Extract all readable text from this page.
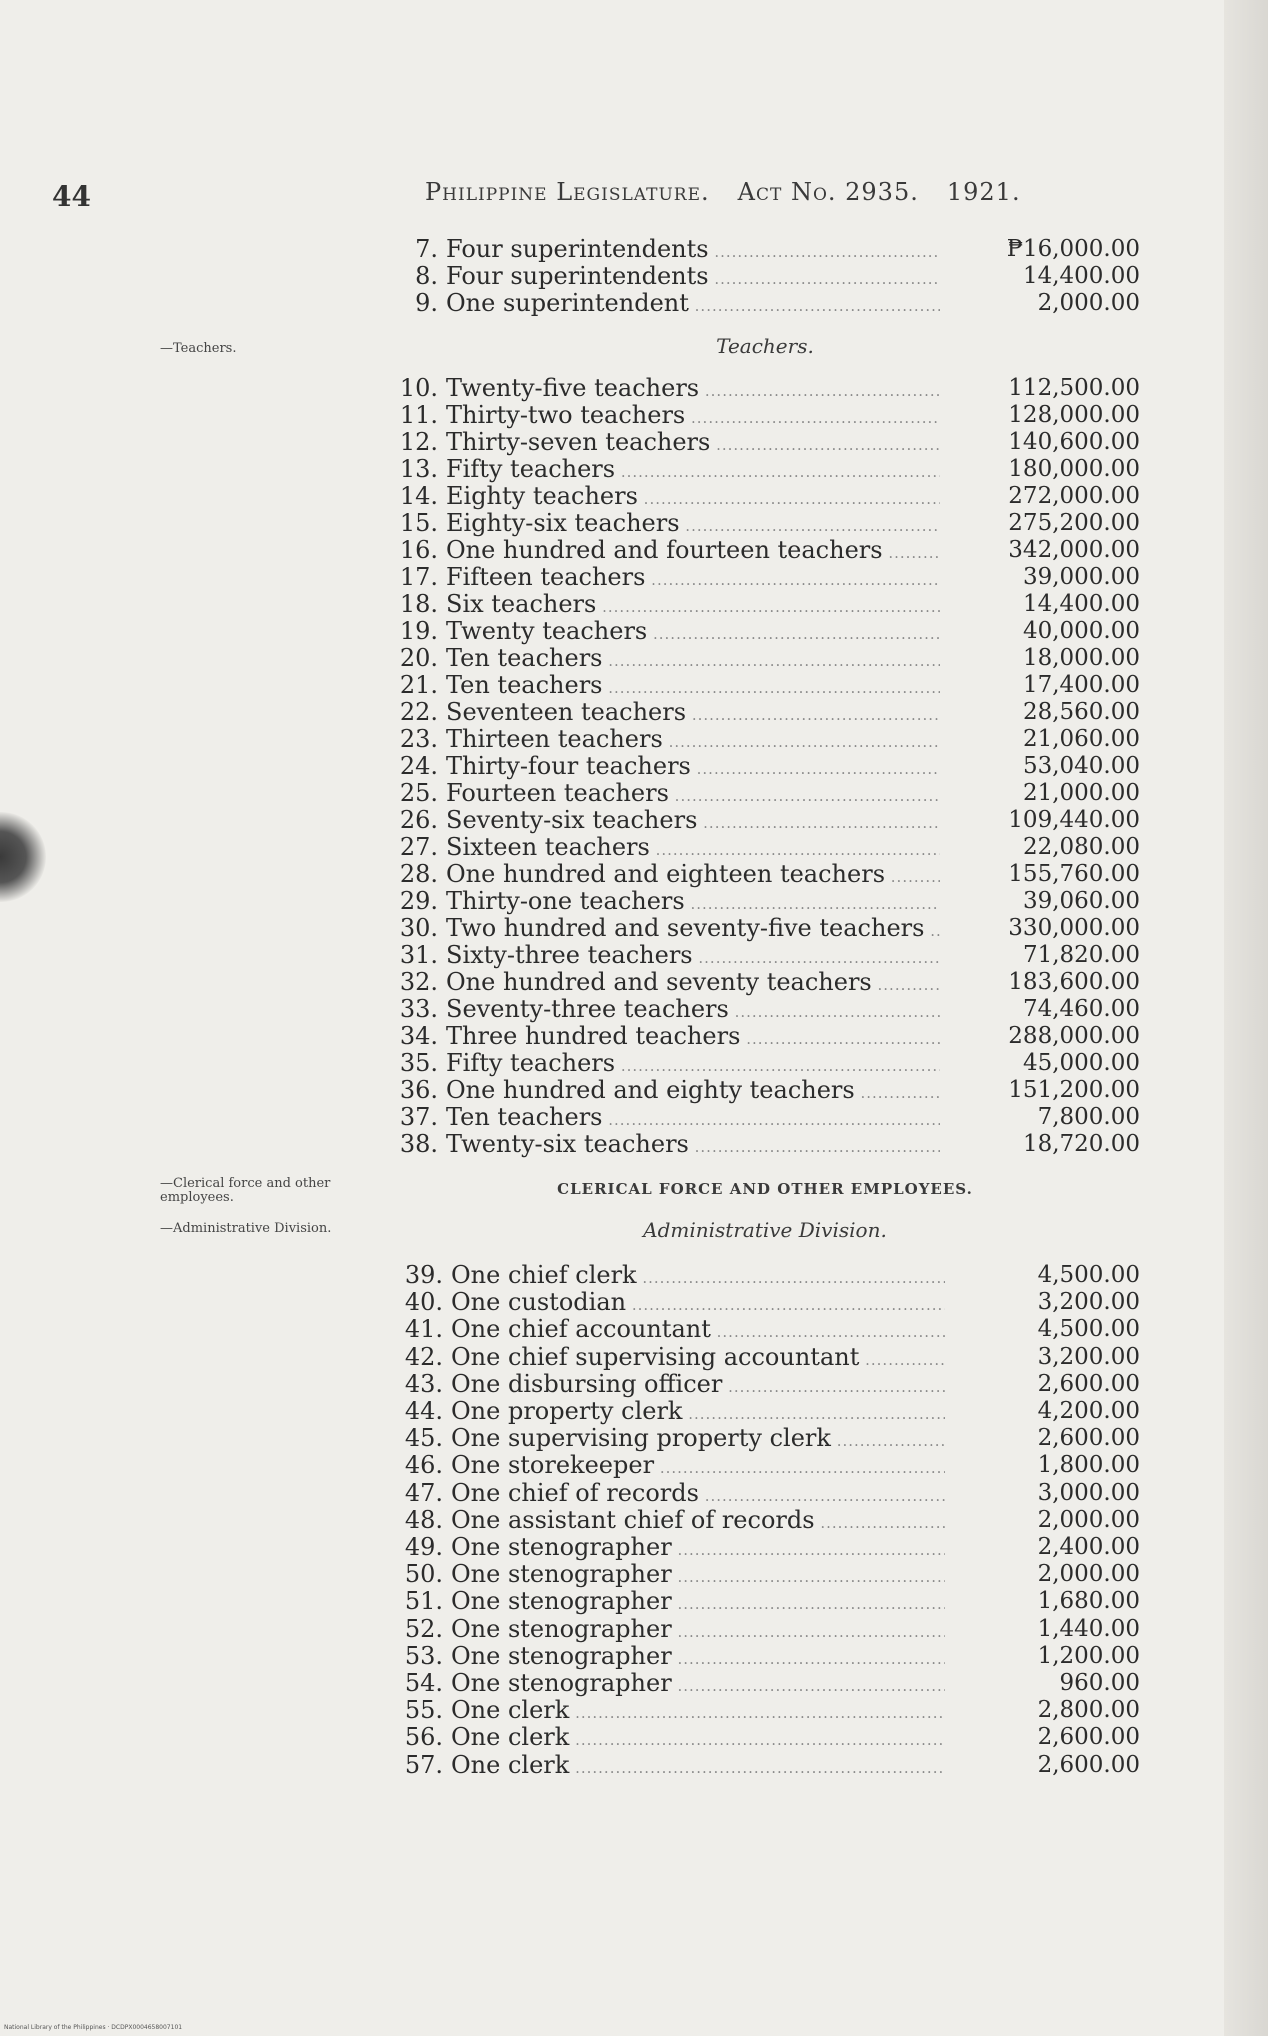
44	Philippine Legislature. Act No. 2935. 1921.
—Teachers.
—Clerical force and other employees.
—Administrative Division.
Teachers.
CLERICAL FORCE AND OTHER EMPLOYEES.
Administrative Division.
7. Four superintendents .....	₱16,000.00
8. Four superintendents .....	14,400.00
9. One superintendent .....	2,000.00
10. Twenty-five teachers .....	112,500.00
11. Thirty-two teachers .....	128,000.00
12. Thirty-seven teachers .....	140,600.00
13. Fifty teachers .....	180,000.00
14. Eighty teachers .....	272,000.00
15. Eighty-six teachers .....	275,200.00
16. One hundred and fourteen teachers .....	342,000.00
17. Fifteen teachers .....	39,000.00
18. Six teachers .....	14,400.00
19. Twenty teachers .....	40,000.00
20. Ten teachers .....	18,000.00
21. Ten teachers .....	17,400.00
22. Seventeen teachers .....	28,560.00
23. Thirteen teachers .....	21,060.00
24. Thirty-four teachers .....	53,040.00
25. Fourteen teachers .....	21,000.00
26. Seventy-six teachers .....	109,440.00
27. Sixteen teachers .....	22,080.00
28. One hundred and eighteen teachers .....	155,760.00
29. Thirty-one teachers .....	39,060.00
30. Two hundred and seventy-five teachers .....	330,000.00
31. Sixty-three teachers .....	71,820.00
32. One hundred and seventy teachers .....	183,600.00
33. Seventy-three teachers .....	74,460.00
34. Three hundred teachers .....	288,000.00
35. Fifty teachers .....	45,000.00
36. One hundred and eighty teachers .....	151,200.00
37. Ten teachers .....	7,800.00
38. Twenty-six teachers .....	18,720.00
39. One chief clerk .....	4,500.00
40. One custodian .....	3,200.00
41. One chief accountant .....	4,500.00
42. One chief supervising accountant .....	3,200.00
43. One disbursing officer .....	2,600.00
44. One property clerk .....	4,200.00
45. One supervising property clerk .....	2,600.00
46. One storekeeper .....	1,800.00
47. One chief of records .....	3,000.00
48. One assistant chief of records .....	2,000.00
49. One stenographer .....	2,400.00
50. One stenographer .....	2,000.00
51. One stenographer .....	1,680.00
52. One stenographer .....	1,440.00
53. One stenographer .....	1,200.00
54. One stenographer .....	960.00
55. One clerk .....	2,800.00
56. One clerk .....	2,600.00
57. One clerk .....	2,600.00
National Library of the Philippines · DCDPX0004658007101
